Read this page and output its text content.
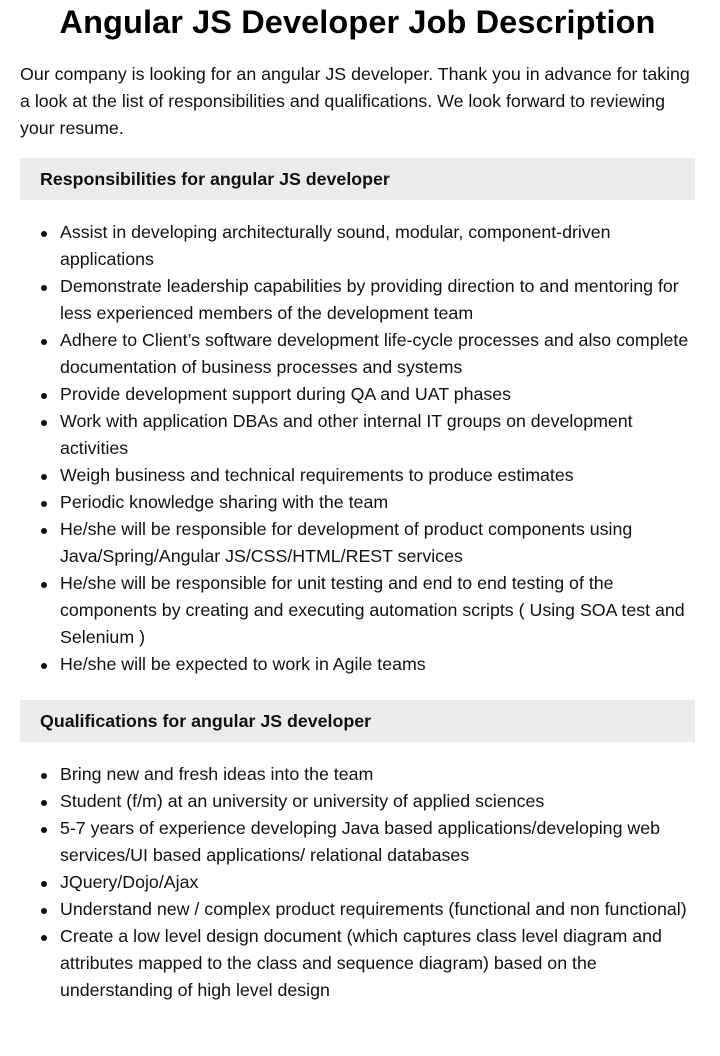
Angular JS Developer Job Description

Our company is looking for an angular JS developer. Thank you in advance for taking a look at the list of responsibilities and qualifications. We look forward to reviewing your resume.

Responsibilities for angular JS developer
Assist in developing architecturally sound, modular, component-driven applications
Demonstrate leadership capabilities by providing direction to and mentoring for less experienced members of the development team
Adhere to Client’s software development life-cycle processes and also complete documentation of business processes and systems
Provide development support during QA and UAT phases
Work with application DBAs and other internal IT groups on development activities
Weigh business and technical requirements to produce estimates
Periodic knowledge sharing with the team
He/she will be responsible for development of product components using Java/Spring/Angular JS/CSS/HTML/REST services
He/she will be responsible for unit testing and end to end testing of the components by creating and executing automation scripts ( Using SOA test and Selenium )
He/she will be expected to work in Agile teams
Qualifications for angular JS developer
Bring new and fresh ideas into the team
Student (f/m) at an university or university of applied sciences
5-7 years of experience developing Java based applications/developing web services/UI based applications/ relational databases
JQuery/Dojo/Ajax
Understand new / complex product requirements (functional and non functional)
Create a low level design document (which captures class level diagram and attributes mapped to the class and sequence diagram) based on the understanding of high level design
